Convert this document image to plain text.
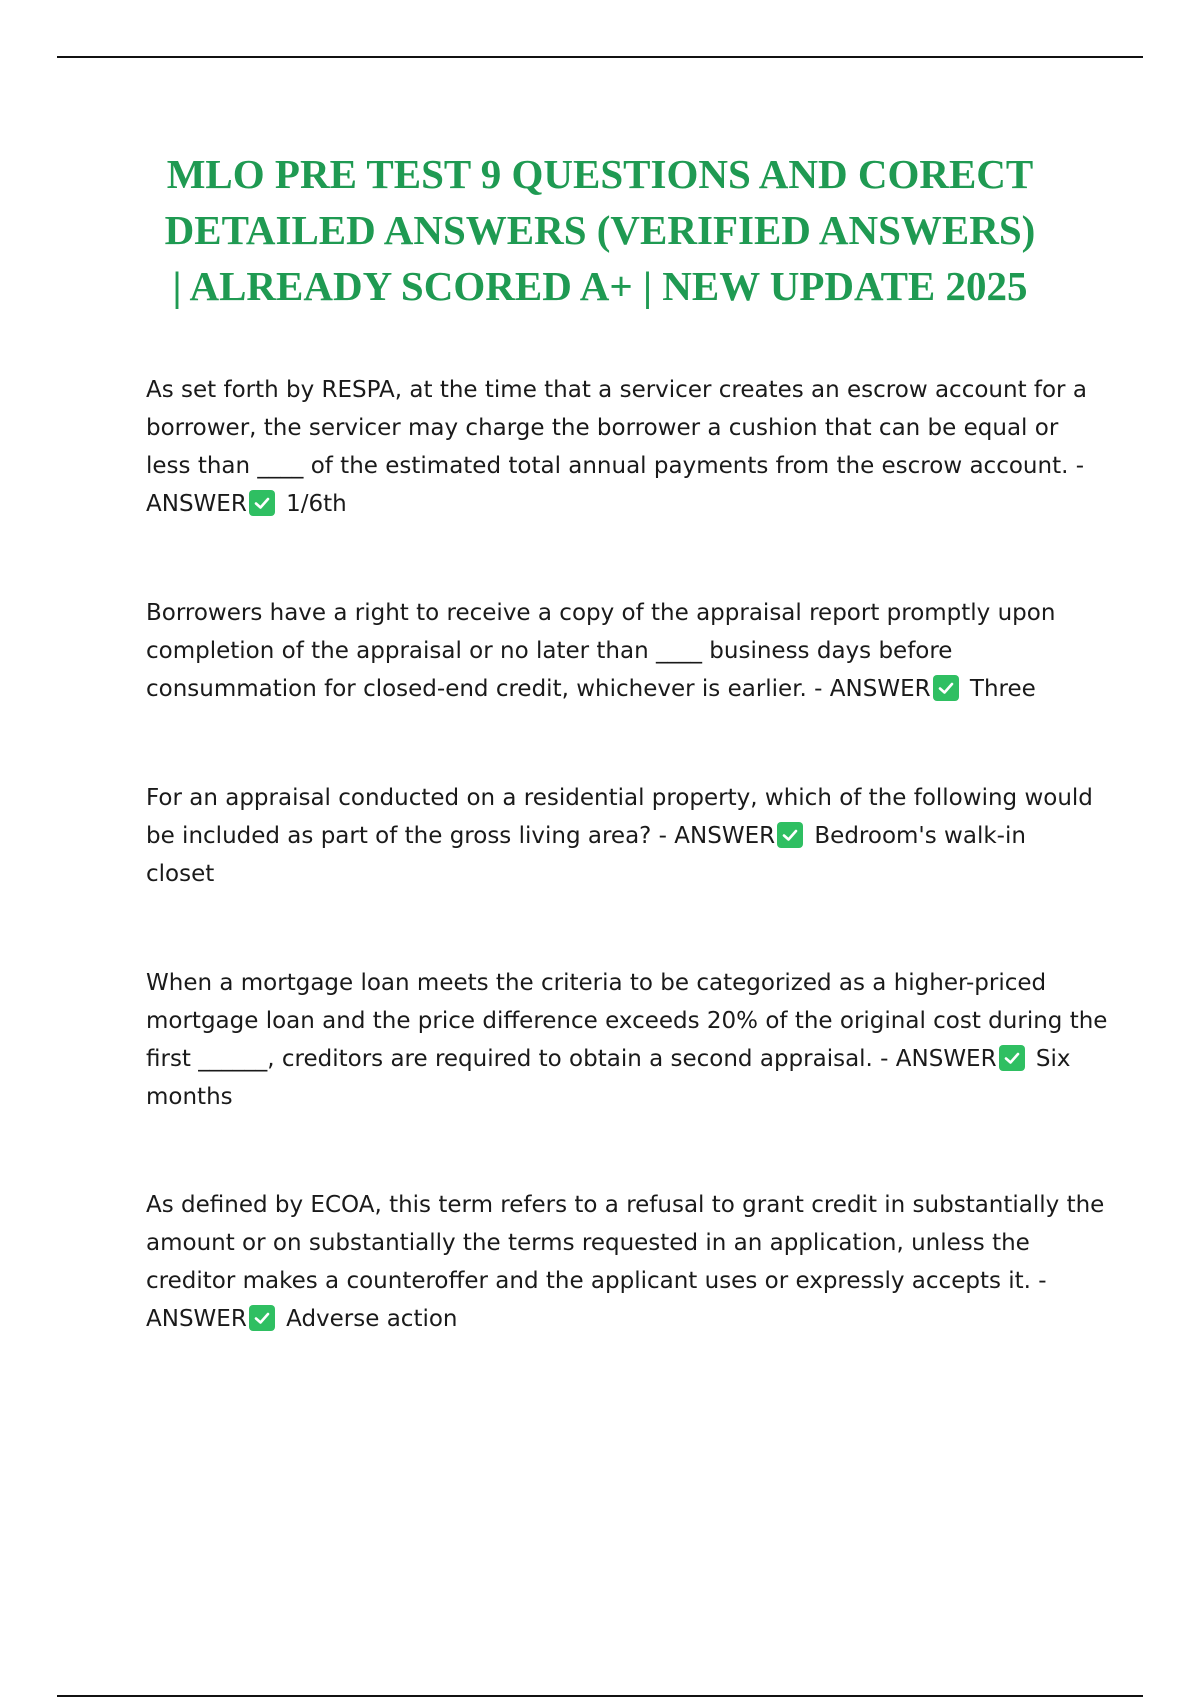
MLO PRE TEST 9 QUESTIONS AND CORECT
DETAILED ANSWERS (VERIFIED ANSWERS)
| ALREADY SCORED A+ | NEW UPDATE 2025

As set forth by RESPA, at the time that a servicer creates an escrow account for a
borrower, the servicer may charge the borrower a cushion that can be equal or
less than ____ of the estimated total annual payments from the escrow account. -
ANSWER
1/6th

Borrowers have a right to receive a copy of the appraisal report promptly upon
completion of the appraisal or no later than ____ business days before
consummation for closed-end credit, whichever is earlier. - ANSWER
Three

For an appraisal conducted on a residential property, which of the following would
be included as part of the gross living area? - ANSWER
Bedroom's walk-in
closet

When a mortgage loan meets the criteria to be categorized as a higher-priced
mortgage loan and the price difference exceeds 20% of the original cost during the
first ______, creditors are required to obtain a second appraisal. - ANSWER
Six
months

As defined by ECOA, this term refers to a refusal to grant credit in substantially the
amount or on substantially the terms requested in an application, unless the
creditor makes a counteroffer and the applicant uses or expressly accepts it. -
ANSWER
Adverse action
